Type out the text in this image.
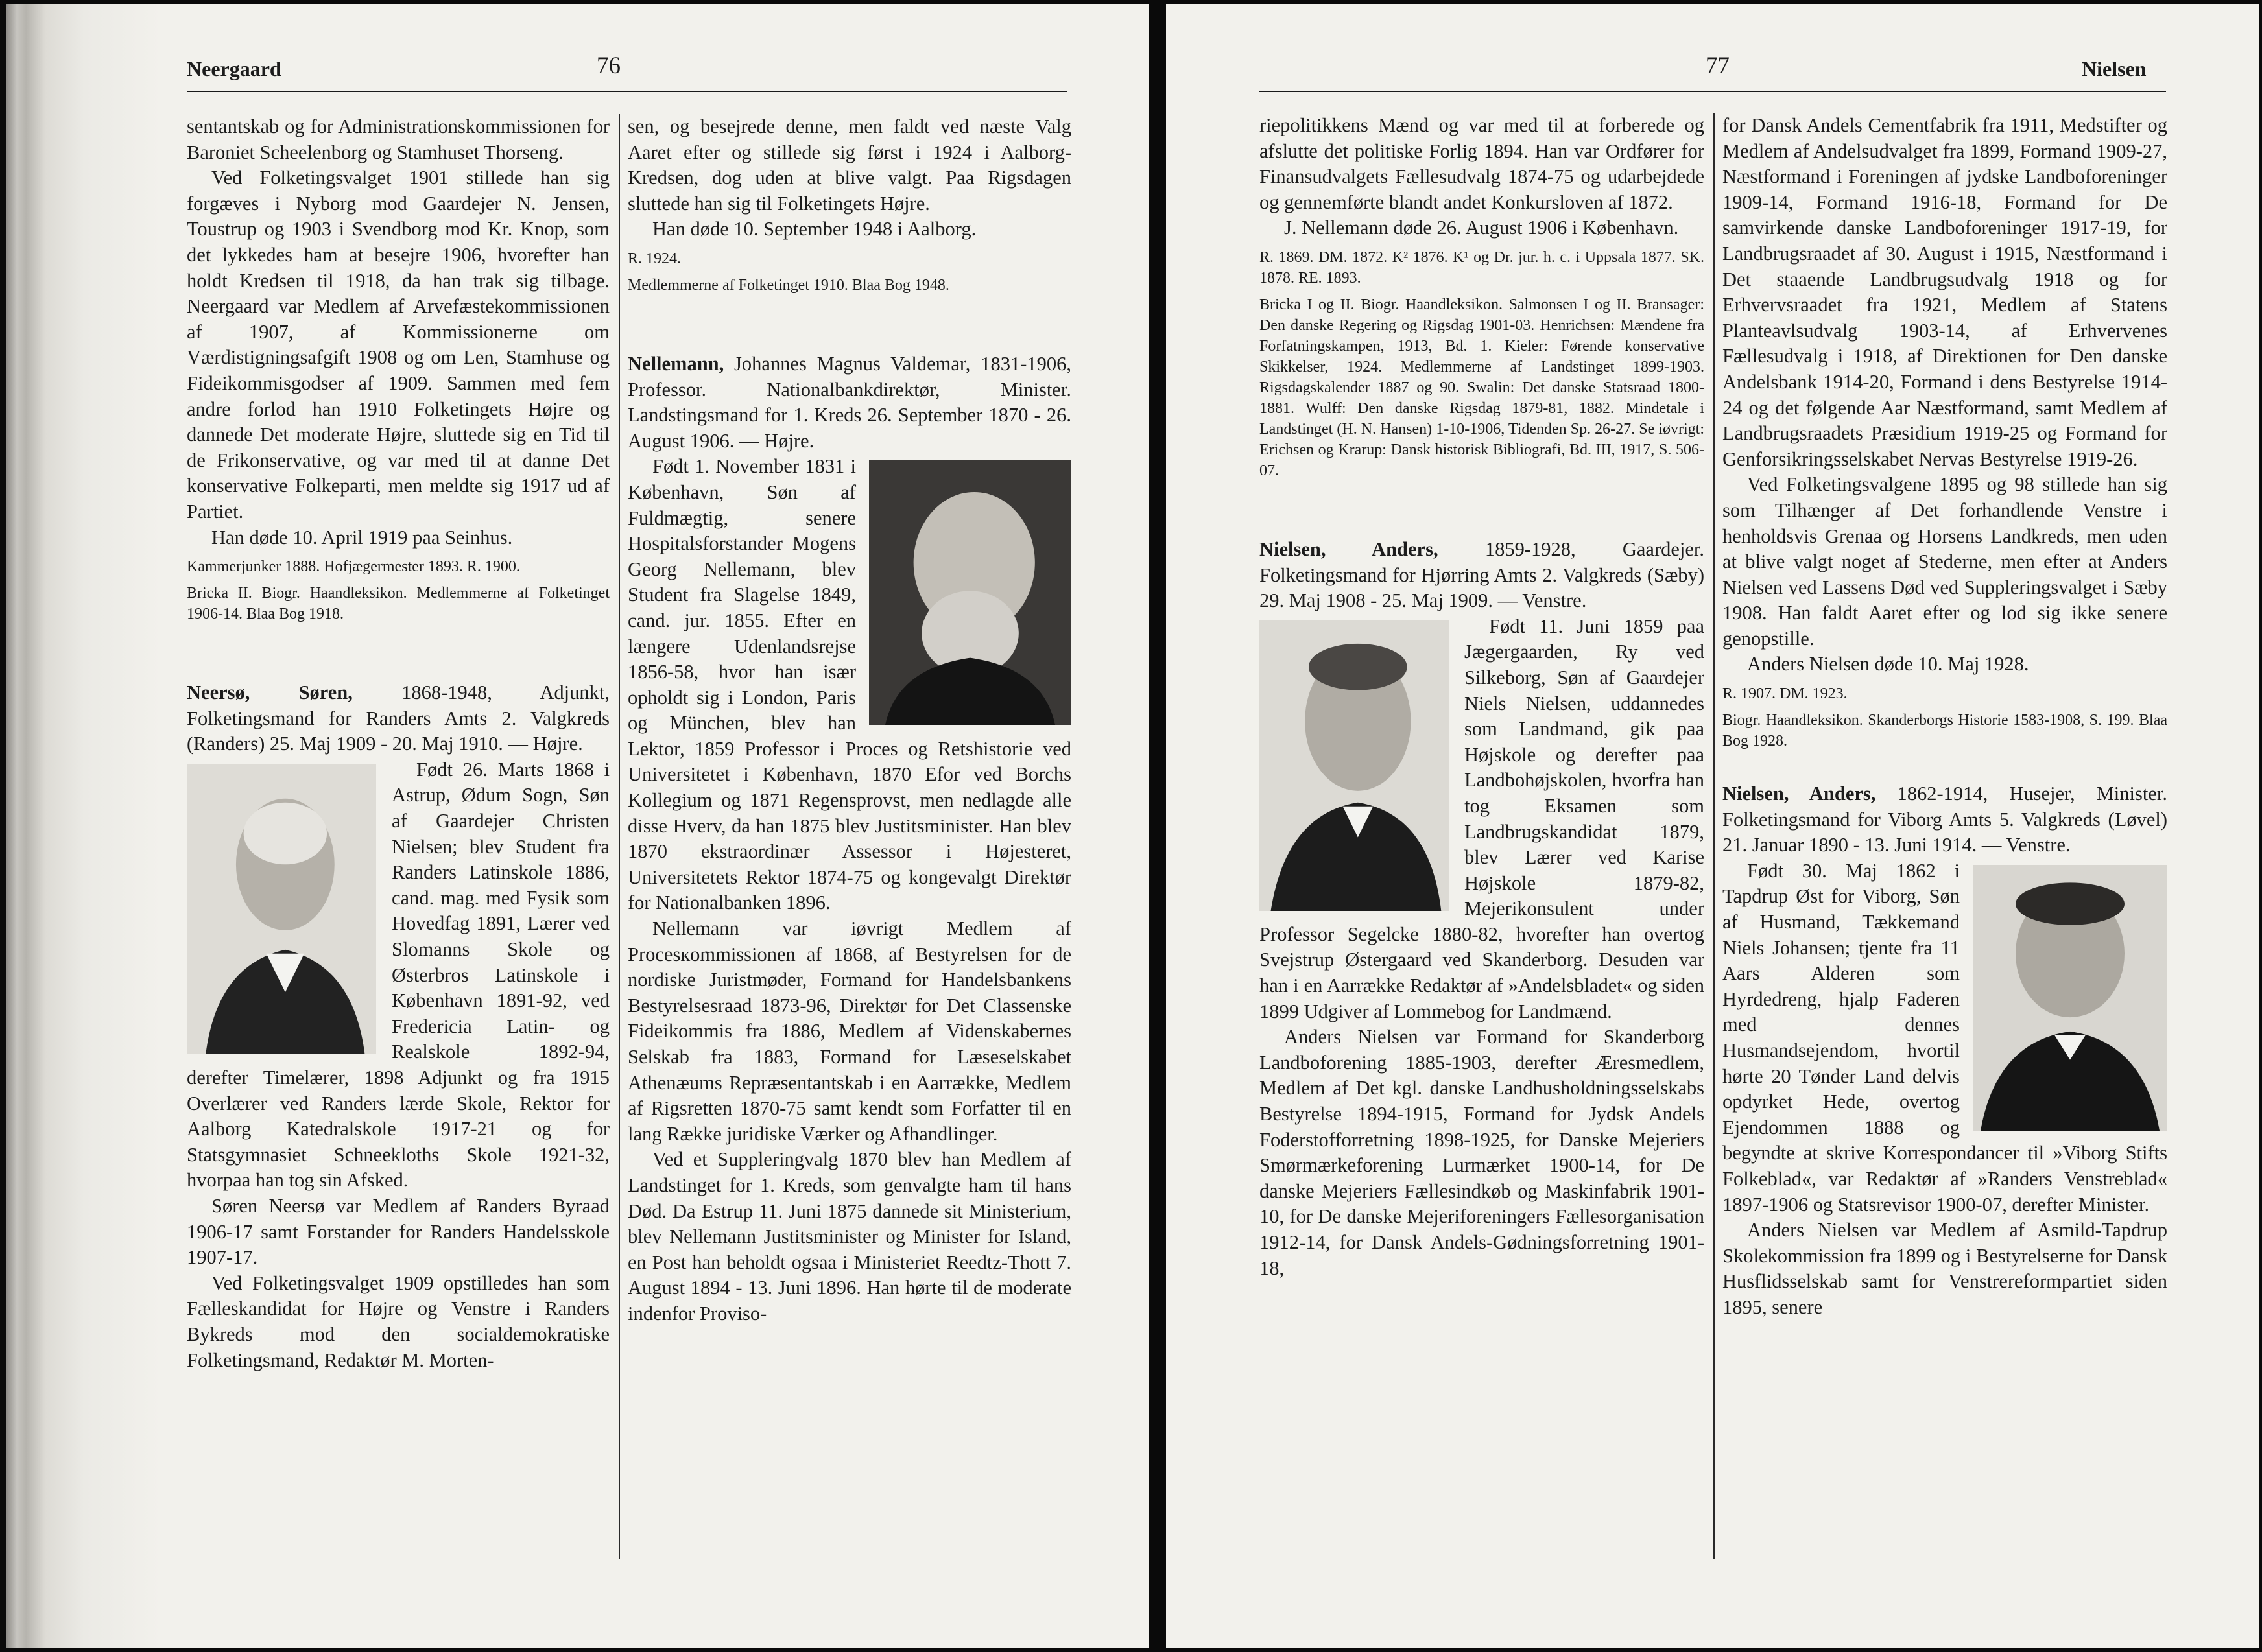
Neergaard	76

sentantskab og for Administrationskommissionen for Baroniet Scheelenborg og Stamhuset Thorseng.

Ved Folketingsvalget 1901 stillede han sig forgæves i Nyborg mod Gaardejer N. Jensen, Toustrup og 1903 i Svendborg mod Kr. Knop, som det lykkedes ham at besejre 1906, hvorefter han holdt Kredsen til 1918, da han trak sig tilbage. Neergaard var Medlem af Arvefæstekommissionen af 1907, af Kommissionerne om Værdistigningsafgift 1908 og om Len, Stamhuse og Fideikommisgodser af 1909. Sammen med fem andre forlod han 1910 Folketingets Højre og dannede Det moderate Højre, sluttede sig en Tid til de Frikonservative, og var med til at danne Det konservative Folkeparti, men meldte sig 1917 ud af Partiet.

Han døde 10. April 1919 paa Seinhus.

Kammerjunker 1888. Hofjægermester 1893. R. 1900.

Bricka II. Biogr. Haandleksikon. Medlemmerne af Folketinget 1906-14. Blaa Bog 1918.

Neersø, Søren, 1868-1948, Adjunkt, Folketingsmand for Randers Amts 2. Valgkreds (Randers) 25. Maj 1909 - 20. Maj 1910. — Højre.

Født 26. Marts 1868 i Astrup, Ødum Sogn, Søn af Gaardejer Christen Nielsen; blev Student fra Randers Latinskole 1886, cand. mag. med Fysik som Hovedfag 1891, Lærer ved Slomanns Skole og Østerbros Latinskole i København 1891-92, ved Fredericia Latin- og Realskole 1892-94, derefter Timelærer, 1898 Adjunkt og fra 1915 Overlærer ved Randers lærde Skole, Rektor for Aalborg Katedralskole 1917-21 og for Statsgymnasiet Schneekloths Skole 1921-32, hvorpaa han tog sin Afsked.

Søren Neersø var Medlem af Randers Byraad 1906-17 samt Forstander for Randers Handelsskole 1907-17.

Ved Folketingsvalget 1909 opstilledes han som Fælleskandidat for Højre og Venstre i Randers Bykreds mod den socialdemokratiske Folketingsmand, Redaktør M. Morten-

sen, og besejrede denne, men faldt ved næste Valg Aaret efter og stillede sig først i 1924 i Aalborg-Kredsen, dog uden at blive valgt. Paa Rigsdagen sluttede han sig til Folketingets Højre.

Han døde 10. September 1948 i Aalborg.

R. 1924.

Medlemmerne af Folketinget 1910. Blaa Bog 1948.

Nellemann, Johannes Magnus Valdemar, 1831-1906, Professor. Nationalbankdirektør, Minister. Landstingsmand for 1. Kreds 26. September 1870 - 26. August 1906. — Højre.

Født 1. November 1831 i København, Søn af Fuldmægtig, senere Hospitalsforstander Mogens Georg Nellemann, blev Student fra Slagelse 1849, cand. jur. 1855. Efter en længere Udenlandsrejse 1856-58, hvor han især opholdt sig i London, Paris og München, blev han Lektor, 1859 Professor i Proces og Retshistorie ved Universitetet i København, 1870 Efor ved Borchs Kollegium og 1871 Regensprovst, men nedlagde alle disse Hverv, da han 1875 blev Justitsminister. Han blev 1870 ekstraordinær Assessor i Højesteret, Universitetets Rektor 1874-75 og kongevalgt Direktør for Nationalbanken 1896.

Nellemann var iøvrigt Medlem af Procesкommissionen af 1868, af Bestyrelsen for de nordiske Juristmøder, Formand for Handelsbankens Bestyrelsesraad 1873-96, Direktør for Det Classenske Fideikommis fra 1886, Medlem af Videnskabernes Selskab fra 1883, Formand for Læseselskabet Athenæums Repræsentantskab i en Aarrække, Medlem af Rigsretten 1870-75 samt kendt som Forfatter til en lang Række juridiske Værker og Afhandlinger.

Ved et Suppleringvalg 1870 blev han Medlem af Landstinget for 1. Kreds, som genvalgte ham til hans Død. Da Estrup 11. Juni 1875 dannede sit Ministerium, blev Nellemann Justitsminister og Minister for Island, en Post han beholdt ogsaa i Ministeriet Reedtz-Thott 7. August 1894 - 13. Juni 1896. Han hørte til de moderate indenfor Proviso-

77	Nielsen

riepolitikkens Mænd og var med til at forberede og afslutte det politiske Forlig 1894. Han var Ordfører for Finansudvalgets Fællesudvalg 1874-75 og udarbejdede og gennemførte blandt andet Konkursloven af 1872.

J. Nellemann døde 26. August 1906 i København.

R. 1869. DM. 1872. K² 1876. K¹ og Dr. jur. h. c. i Uppsala 1877. SK. 1878. RE. 1893.

Bricka I og II. Biogr. Haandleksikon. Salmonsen I og II. Bransager: Den danske Regering og Rigsdag 1901-03. Henrichsen: Mændene fra Forfatningskampen, 1913, Bd. 1. Kieler: Førende konservative Skikkelser, 1924. Medlemmerne af Landstinget 1899-1903. Rigsdagskalender 1887 og 90. Swalin: Det danske Statsraad 1800-1881. Wulff: Den danske Rigsdag 1879-81, 1882. Mindetale i Landstinget (H. N. Hansen) 1-10-1906, Tidenden Sp. 26-27. Se iøvrigt: Erichsen og Krarup: Dansk historisk Bibliografi, Bd. III, 1917, S. 506-07.

Nielsen, Anders, 1859-1928, Gaardejer. Folketingsmand for Hjørring Amts 2. Valgkreds (Sæby) 29. Maj 1908 - 25. Maj 1909. — Venstre.

Født 11. Juni 1859 paa Jægergaarden, Ry ved Silkeborg, Søn af Gaardejer Niels Nielsen, uddannedes som Landmand, gik paa Højskole og derefter paa Landbohøjskolen, hvorfra han tog Eksamen som Landbrugskandidat 1879, blev Lærer ved Karise Højskole 1879-82, Mejerikonsulent under Professor Segelcke 1880-82, hvorefter han overtog Svejstrup Østergaard ved Skanderborg. Desuden var han i en Aarrække Redaktør af »Andelsbladet« og siden 1899 Udgiver af Lommebog for Landmænd.

Anders Nielsen var Formand for Skanderborg Landboforening 1885-1903, derefter Æresmedlem, Medlem af Det kgl. danske Landhusholdningsselskabs Bestyrelse 1894-1915, Formand for Jydsk Andels Foderstofforretning 1898-1925, for Danske Mejeriers Smørmærkeforening Lurmærket 1900-14, for De danske Mejeriers Fællesindkøb og Maskinfabrik 1901-10, for De danske Mejeriforeningers Fællesorganisation 1912-14, for Dansk Andels-Gødningsforretning 1901-18,

for Dansk Andels Cementfabrik fra 1911, Medstifter og Medlem af Andelsudvalget fra 1899, Formand 1909-27, Næstformand i Foreningen af jydske Landboforeninger 1909-14, Formand 1916-18, Formand for De samvirkende danske Landboforeninger 1917-19, for Landbrugsraadet af 30. August i 1915, Næstformand i Det staaende Landbrugsudvalg 1918 og for Erhvervsraadet fra 1921, Medlem af Statens Planteavlsudvalg 1903-14, af Erhvervenes Fællesudvalg i 1918, af Direktionen for Den danske Andelsbank 1914-20, Formand i dens Bestyrelse 1914-24 og det følgende Aar Næstformand, samt Medlem af Landbrugsraadets Præsidium 1919-25 og Formand for Genforsikringsselskabet Nervas Bestyrelse 1919-26.

Ved Folketingsvalgene 1895 og 98 stillede han sig som Tilhænger af Det forhandlende Venstre i henholdsvis Grenaa og Horsens Landkreds, men uden at blive valgt noget af Stederne, men efter at Anders Nielsen ved Lassens Død ved Suppleringsvalget i Sæby 1908. Han faldt Aaret efter og lod sig ikke senere genopstille.

Anders Nielsen døde 10. Maj 1928.

R. 1907. DM. 1923.

Biogr. Haandleksikon. Skanderborgs Historie 1583-1908, S. 199. Blaa Bog 1928.

Nielsen, Anders, 1862-1914, Husejer, Minister. Folketingsmand for Viborg Amts 5. Valgkreds (Løvel) 21. Januar 1890 - 13. Juni 1914. — Venstre.

Født 30. Maj 1862 i Tapdrup Øst for Viborg, Søn af Husmand, Tækkemand Niels Johansen; tjente fra 11 Aars Alderen som Hyrdedreng, hjalp Faderen med dennes Husmandsejendom, hvortil hørte 20 Tønder Land delvis opdyrket Hede, overtog Ejendommen 1888 og begyndte at skrive Korrespondancer til »Viborg Stifts Folkeblad«, var Redaktør af »Randers Venstreblad« 1897-1906 og Statsrevisor 1900-07, derefter Minister.

Anders Nielsen var Medlem af Asmild-Tapdrup Skolekommission fra 1899 og i Bestyrelserne for Dansk Husflidsselskab samt for Venstrereformpartiet siden 1895, senere
